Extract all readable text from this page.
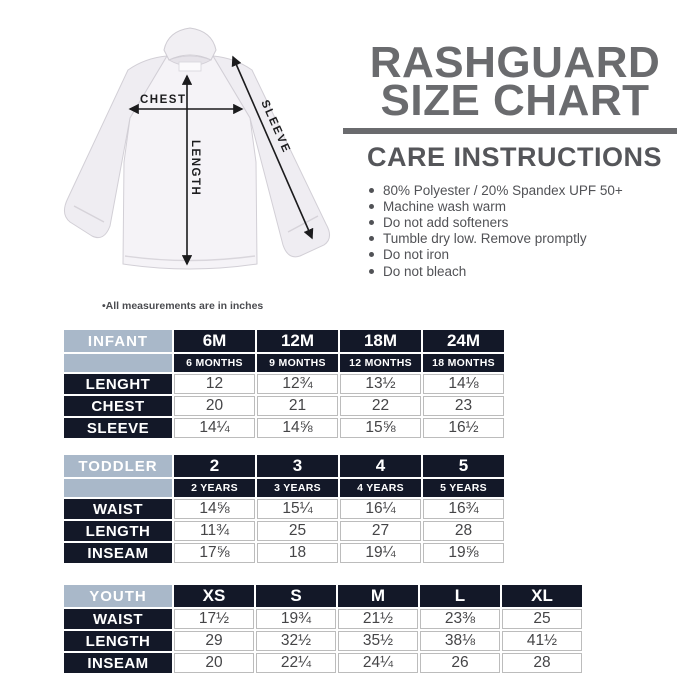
CHEST
LENGTH
SLEEVE
RASHGUARD
SIZE CHART
CARE INSTRUCTIONS
80% Polyester / 20% Spandex UPF 50+
Machine wash warm
Do not add softeners
Tumble dry low. Remove promptly
Do not iron
Do not bleach
•All measurements are in inches
INFANT	6M	12M	18M	24M
	6 MONTHS	9 MONTHS	12 MONTHS	18 MONTHS
LENGHT	12	12¾	13½	14⅛
CHEST	20	21	22	23
SLEEVE	14¼	14⅝	15⅝	16½
TODDLER	2	3	4	5
	2 YEARS	3 YEARS	4 YEARS	5 YEARS
WAIST	14⅝	15¼	16¼	16¾
LENGTH	11¾	25	27	28
INSEAM	17⅝	18	19¼	19⅝
YOUTH	XS	S	M	L	XL
WAIST	17½	19¾	21½	23⅜	25
LENGTH	29	32½	35½	38⅛	41½
INSEAM	20	22¼	24¼	26	28
